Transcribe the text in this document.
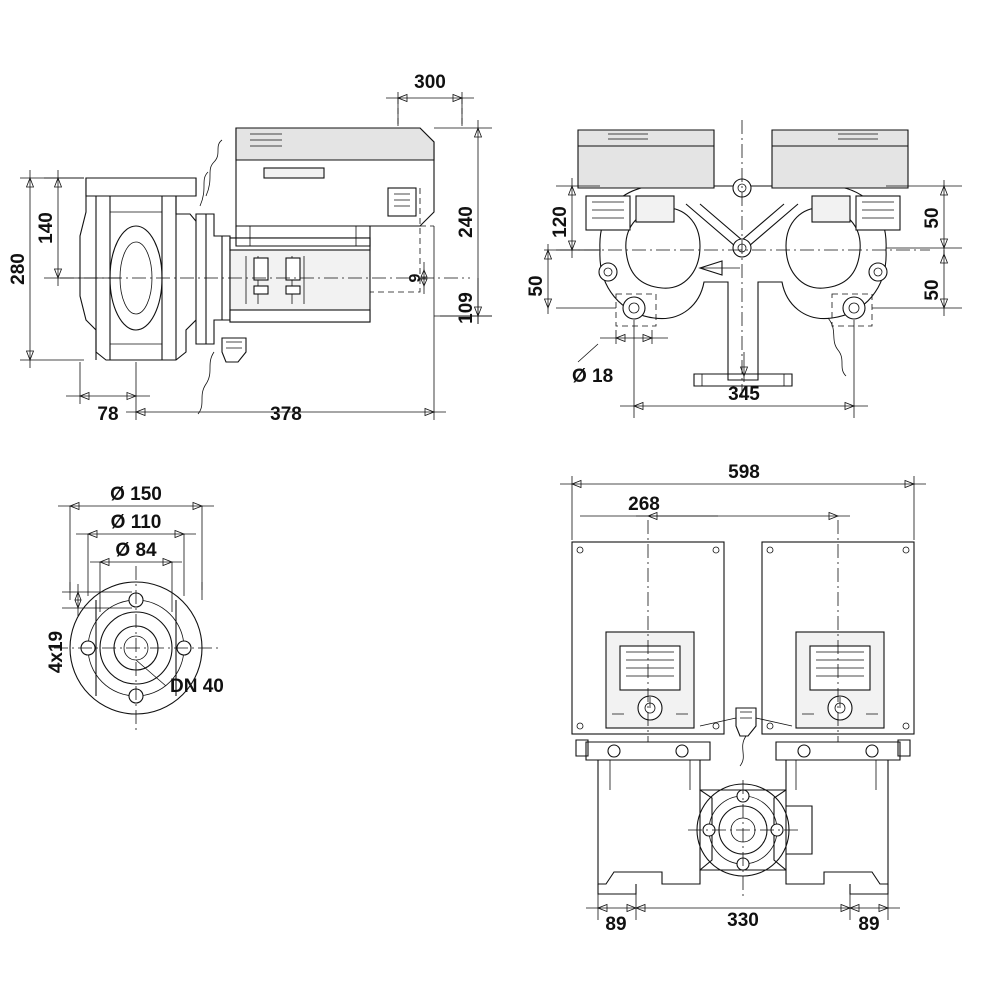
300
280
140	240
109
9
78	378
120
50
50
50
Ø 18
345
Ø 150
Ø 110
Ø 84
4x19
DN 40
598
268
89	330	89
